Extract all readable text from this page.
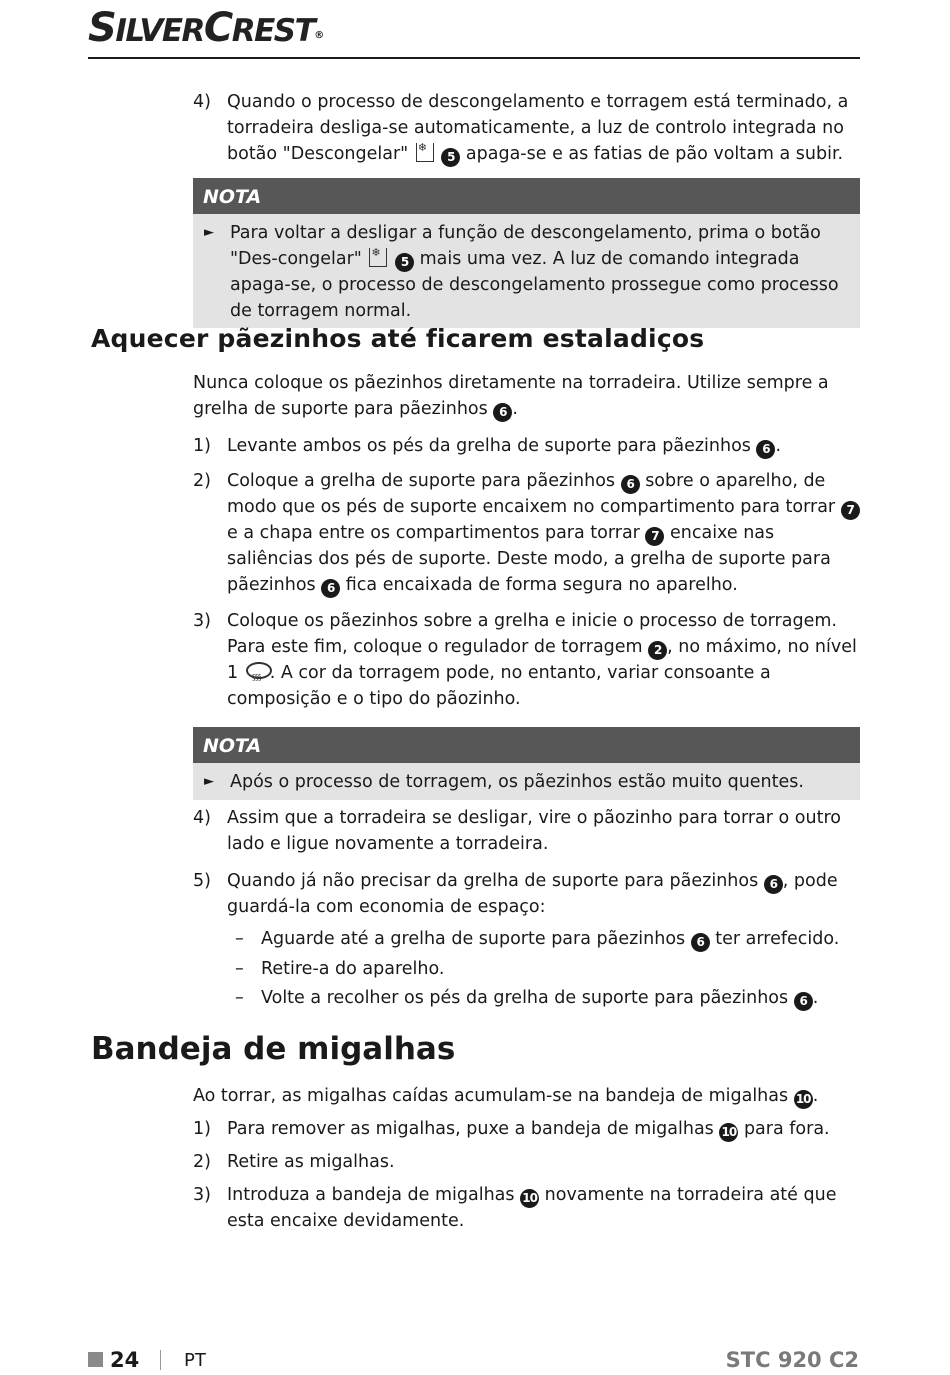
SILVERCREST®
4) Quando o processo de descongelamento e torragem está terminado, a torradeira desliga-se automaticamente, a luz de controlo integrada no botão "Descongelar" ❄	5 apaga-se e as fatias de pão voltam a subir.
NOTA
► Para voltar a desligar a função de descongelamento, prima o botão "Des-congelar" ❄	5 mais uma vez. A luz de comando integrada apaga-se, o processo de descongelamento prossegue como processo de torragem normal.
Aquecer pãezinhos até ficarem estaladiços
Nunca coloque os pãezinhos diretamente na torradeira. Utilize sempre a grelha de suporte para pãezinhos 6 .
1) Levante ambos os pés da grelha de suporte para pãezinhos 6 .
2) Coloque a grelha de suporte para pãezinhos 6 sobre o aparelho, de modo que os pés de suporte encaixem no compartimento para torrar 7 e a chapa entre os compartimentos para torrar 7 encaixe nas saliências dos pés de suporte. Deste modo, a grelha de suporte para pãezinhos 6 fica encaixada de forma segura no aparelho.
3) Coloque os pãezinhos sobre a grelha e inicie o processo de torragem. Para este fim, coloque o regulador de torragem 2 , no máximo, no nível 1 §§§. A cor da torragem pode, no entanto, variar consoante a composição e o tipo do pãozinho.
NOTA
► Após o processo de torragem, os pãezinhos estão muito quentes.
4) Assim que a torradeira se desligar, vire o pãozinho para torrar o outro lado e ligue novamente a torradeira.
5) Quando já não precisar da grelha de suporte para pãezinhos 6 , pode guardá-la com economia de espaço:
– Aguarde até a grelha de suporte para pãezinhos 6 ter arrefecido.
– Retire-a do aparelho.
– Volte a recolher os pés da grelha de suporte para pãezinhos 6 .
Bandeja de migalhas
Ao torrar, as migalhas caídas acumulam-se na bandeja de migalhas 10 .
1) Para remover as migalhas, puxe a bandeja de migalhas 10 para fora.
2) Retire as migalhas.
3) Introduza a bandeja de migalhas 10 novamente na torradeira até que esta encaixe devidamente.
24 PT	STC 920 C2
